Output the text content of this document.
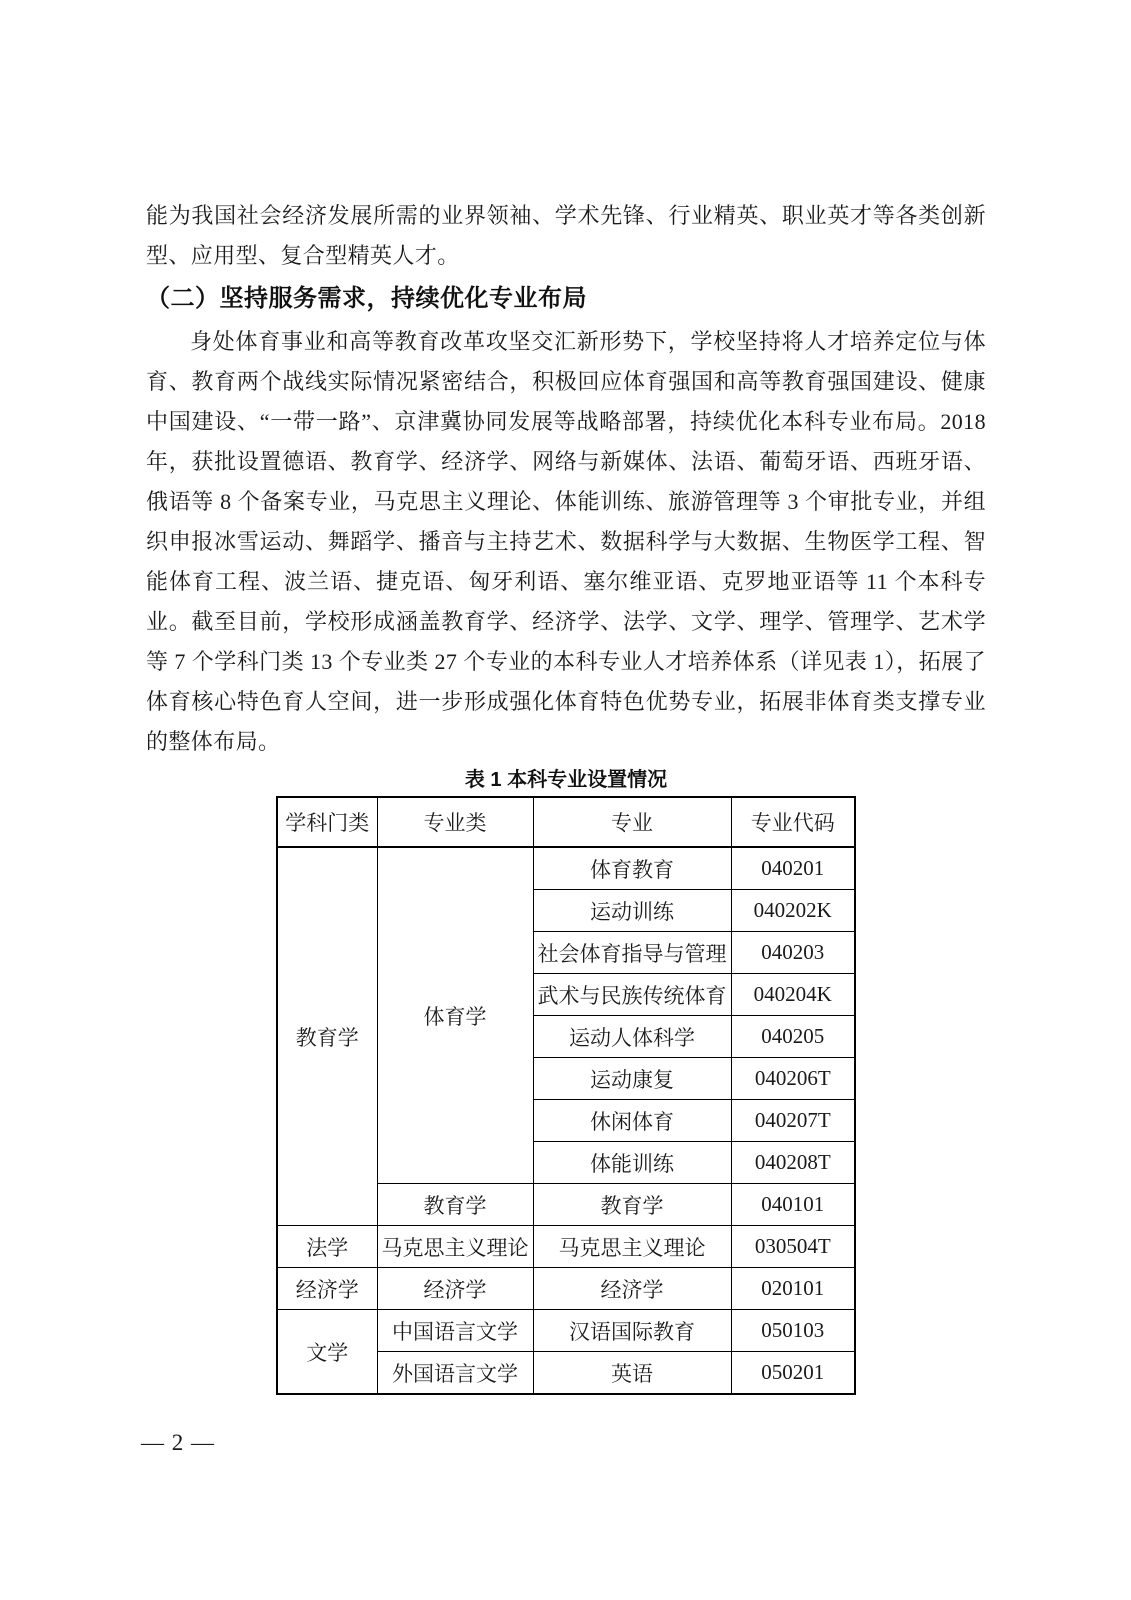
能为我国社会经济发展所需的业界领袖、学术先锋、行业精英、职业英才等各类创新型、应用型、复合型精英人才。

（二）坚持服务需求，持续优化专业布局

身处体育事业和高等教育改革攻坚交汇新形势下，学校坚持将人才培养定位与体育、教育两个战线实际情况紧密结合，积极回应体育强国和高等教育强国建设、健康中国建设、“一带一路”、京津冀协同发展等战略部署，持续优化本科专业布局。2018 年，获批设置德语、教育学、经济学、网络与新媒体、法语、葡萄牙语、西班牙语、俄语等 8 个备案专业，马克思主义理论、体能训练、旅游管理等 3 个审批专业，并组织申报冰雪运动、舞蹈学、播音与主持艺术、数据科学与大数据、生物医学工程、智能体育工程、波兰语、捷克语、匈牙利语、塞尔维亚语、克罗地亚语等 11 个本科专业。截至目前，学校形成涵盖教育学、经济学、法学、文学、理学、管理学、艺术学等 7 个学科门类 13 个专业类 27 个专业的本科专业人才培养体系（详见表 1），拓展了体育核心特色育人空间，进一步形成强化体育特色优势专业，拓展非体育类支撑专业的整体布局。

表 1 本科专业设置情况
学科门类	专业类	专业	专业代码
教育学	体育学	体育教育	040201
		运动训练	040202K
		社会体育指导与管理	040203
		武术与民族传统体育	040204K
		运动人体科学	040205
		运动康复	040206T
		休闲体育	040207T
		体能训练	040208T
	教育学	教育学	040101
法学	马克思主义理论	马克思主义理论	030504T
经济学	经济学	经济学	020101
文学	中国语言文学	汉语国际教育	050103
	外国语言文学	英语	050201
— 2 —
